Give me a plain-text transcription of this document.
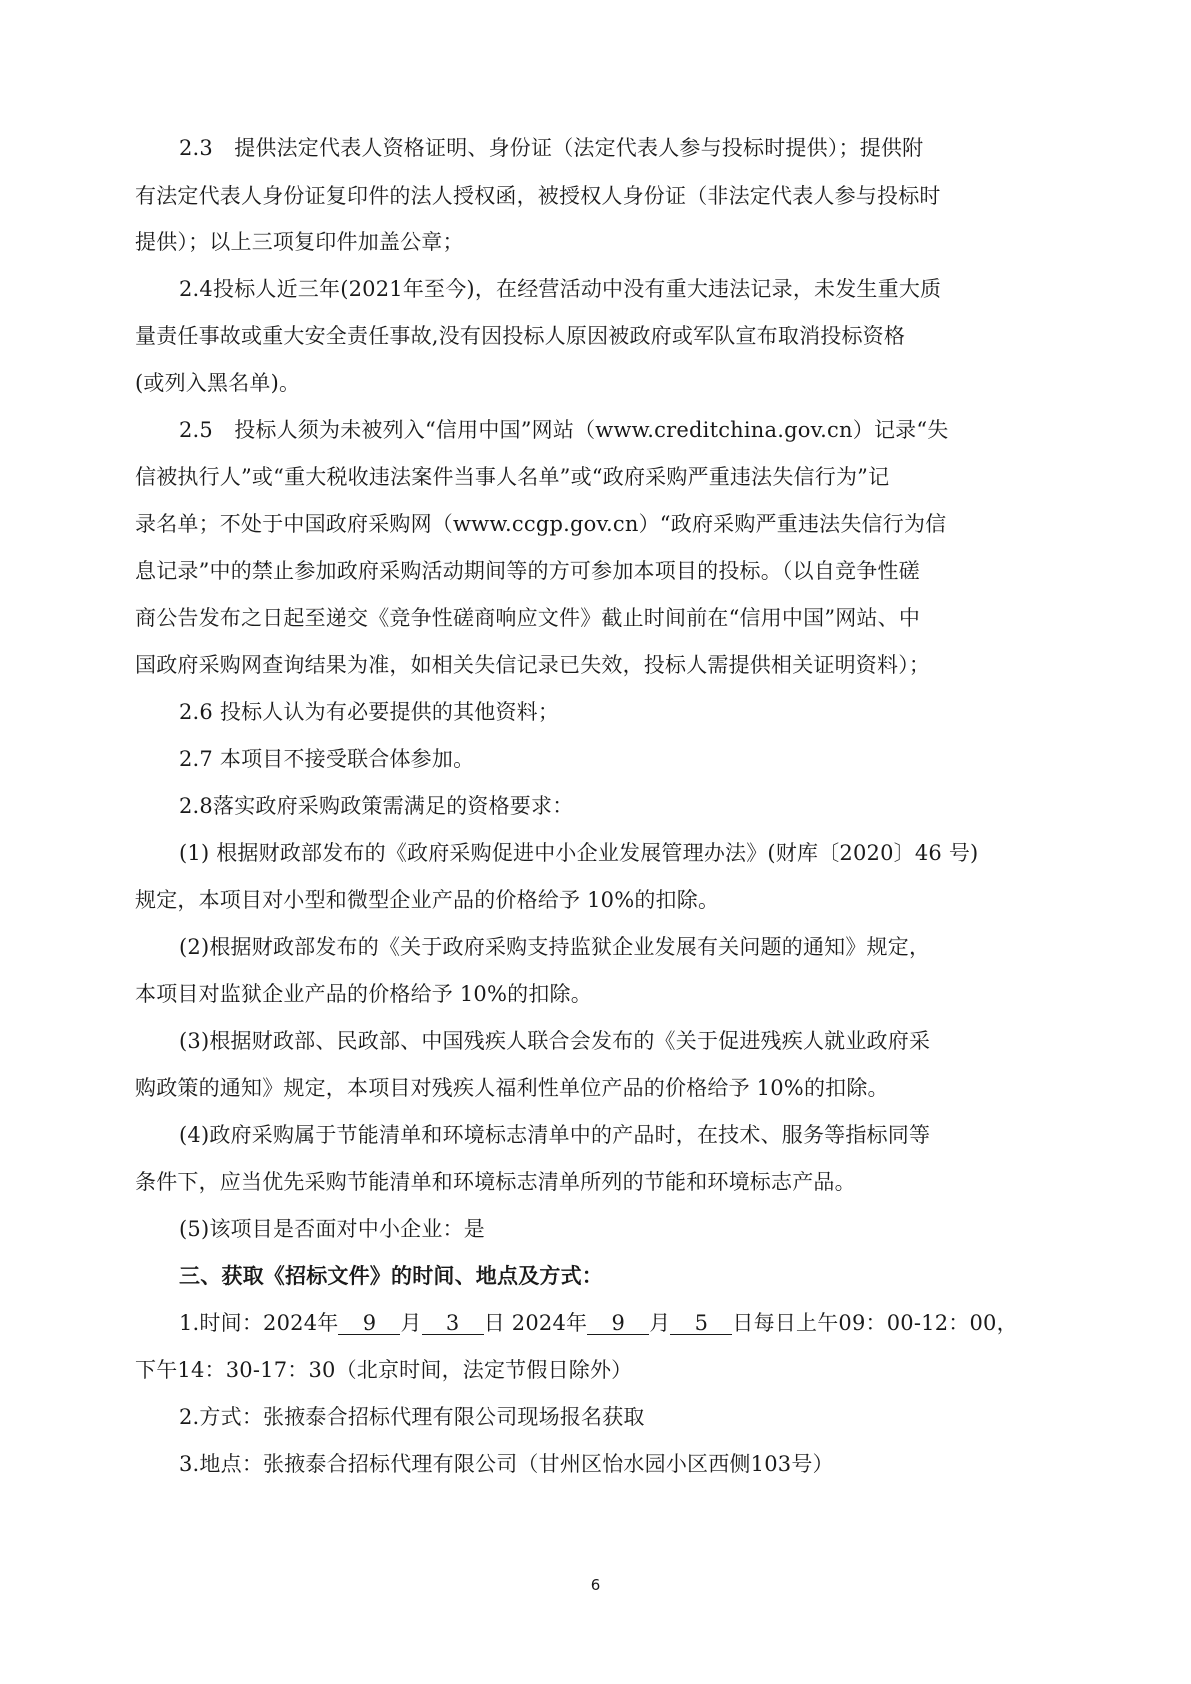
2.3　提供法定代表人资格证明、身份证（法定代表人参与投标时提供）；提供附
有法定代表人身份证复印件的法人授权函，被授权人身份证（非法定代表人参与投标时
提供）；以上三项复印件加盖公章；
2.4投标人近三年(2021年至今)，在经营活动中没有重大违法记录，未发生重大质
量责任事故或重大安全责任事故,没有因投标人原因被政府或军队宣布取消投标资格
(或列入黑名单)。
2.5　投标人须为未被列入“信用中国”网站（www.creditchina.gov.cn）记录“失
信被执行人”或“重大税收违法案件当事人名单”或“政府采购严重违法失信行为”记
录名单；不处于中国政府采购网（www.ccgp.gov.cn）“政府采购严重违法失信行为信
息记录”中的禁止参加政府采购活动期间等的方可参加本项目的投标。（以自竞争性磋
商公告发布之日起至递交《竞争性磋商响应文件》截止时间前在“信用中国”网站、中
国政府采购网查询结果为准，如相关失信记录已失效，投标人需提供相关证明资料）；
2.6 投标人认为有必要提供的其他资料；
2.7 本项目不接受联合体参加。
2.8落实政府采购政策需满足的资格要求：
(1) 根据财政部发布的《政府采购促进中小企业发展管理办法》(财库〔2020〕46 号)
规定，本项目对小型和微型企业产品的价格给予 10%的扣除。
(2)根据财政部发布的《关于政府采购支持监狱企业发展有关问题的通知》规定，
本项目对监狱企业产品的价格给予 10%的扣除。
(3)根据财政部、民政部、中国残疾人联合会发布的《关于促进残疾人就业政府采
购政策的通知》规定，本项目对残疾人福利性单位产品的价格给予 10%的扣除。
(4)政府采购属于节能清单和环境标志清单中的产品时，在技术、服务等指标同等
条件下，应当优先采购节能清单和环境标志清单所列的节能和环境标志产品。
(5)该项目是否面对中小企业：是
三、获取《招标文件》的时间、地点及方式：
1.时间：2024年 9 月 3 日 2024年 9 月 5 日每日上午09：00-12：00，
下午14：30-17：30（北京时间，法定节假日除外）
2.方式：张掖泰合招标代理有限公司现场报名获取
3.地点：张掖泰合招标代理有限公司（甘州区怡水园小区西侧103号）
6
